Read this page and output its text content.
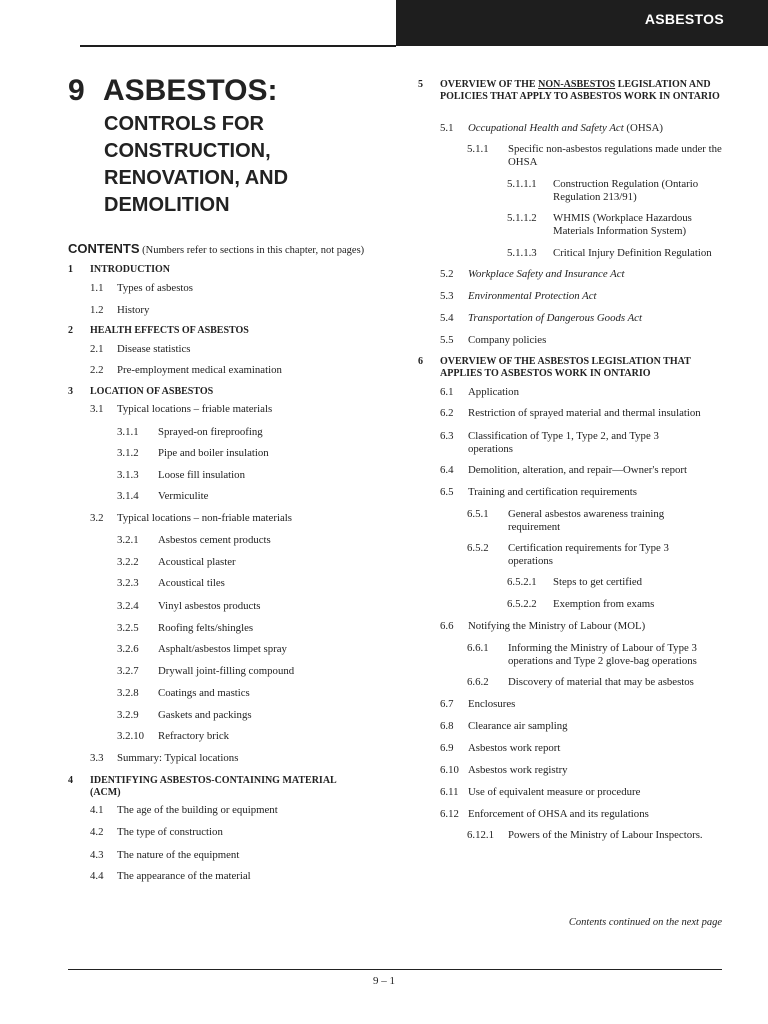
ASBESTOS
9 ASBESTOS:
CONTROLS FOR
CONSTRUCTION,
RENOVATION, AND
DEMOLITION
CONTENTS (Numbers refer to sections in this chapter, not pages)
1 INTRODUCTION
1.1 Types of asbestos
1.2 History
2 HEALTH EFFECTS OF ASBESTOS
2.1 Disease statistics
2.2 Pre-employment medical examination
3 LOCATION OF ASBESTOS
3.1 Typical locations – friable materials
3.1.1 Sprayed-on fireproofing
3.1.2 Pipe and boiler insulation
3.1.3 Loose fill insulation
3.1.4 Vermiculite
3.2 Typical locations – non-friable materials
3.2.1 Asbestos cement products
3.2.2 Acoustical plaster
3.2.3 Acoustical tiles
3.2.4 Vinyl asbestos products
3.2.5 Roofing felts/shingles
3.2.6 Asphalt/asbestos limpet spray
3.2.7 Drywall joint-filling compound
3.2.8 Coatings and mastics
3.2.9 Gaskets and packings
3.2.10 Refractory brick
3.3 Summary: Typical locations
4 IDENTIFYING ASBESTOS-CONTAINING MATERIAL (ACM)
4.1 The age of the building or equipment
4.2 The type of construction
4.3 The nature of the equipment
4.4 The appearance of the material
5 OVERVIEW OF THE NON-ASBESTOS LEGISLATION AND POLICIES THAT APPLY TO ASBESTOS WORK IN ONTARIO
5.1 Occupational Health and Safety Act (OHSA)
5.1.1 Specific non-asbestos regulations made under the OHSA
5.1.1.1 Construction Regulation (Ontario Regulation 213/91)
5.1.1.2 WHMIS (Workplace Hazardous Materials Information System)
5.1.1.3 Critical Injury Definition Regulation
5.2 Workplace Safety and Insurance Act
5.3 Environmental Protection Act
5.4 Transportation of Dangerous Goods Act
5.5 Company policies
6 OVERVIEW OF THE ASBESTOS LEGISLATION THAT APPLIES TO ASBESTOS WORK IN ONTARIO
6.1 Application
6.2 Restriction of sprayed material and thermal insulation
6.3 Classification of Type 1, Type 2, and Type 3 operations
6.4 Demolition, alteration, and repair—Owner's report
6.5 Training and certification requirements
6.5.1 General asbestos awareness training requirement
6.5.2 Certification requirements for Type 3 operations
6.5.2.1 Steps to get certified
6.5.2.2 Exemption from exams
6.6 Notifying the Ministry of Labour (MOL)
6.6.1 Informing the Ministry of Labour of Type 3 operations and Type 2 glove-bag operations
6.6.2 Discovery of material that may be asbestos
6.7 Enclosures
6.8 Clearance air sampling
6.9 Asbestos work report
6.10 Asbestos work registry
6.11 Use of equivalent measure or procedure
6.12 Enforcement of OHSA and its regulations
6.12.1 Powers of the Ministry of Labour Inspectors.
Contents continued on the next page
9 – 1
